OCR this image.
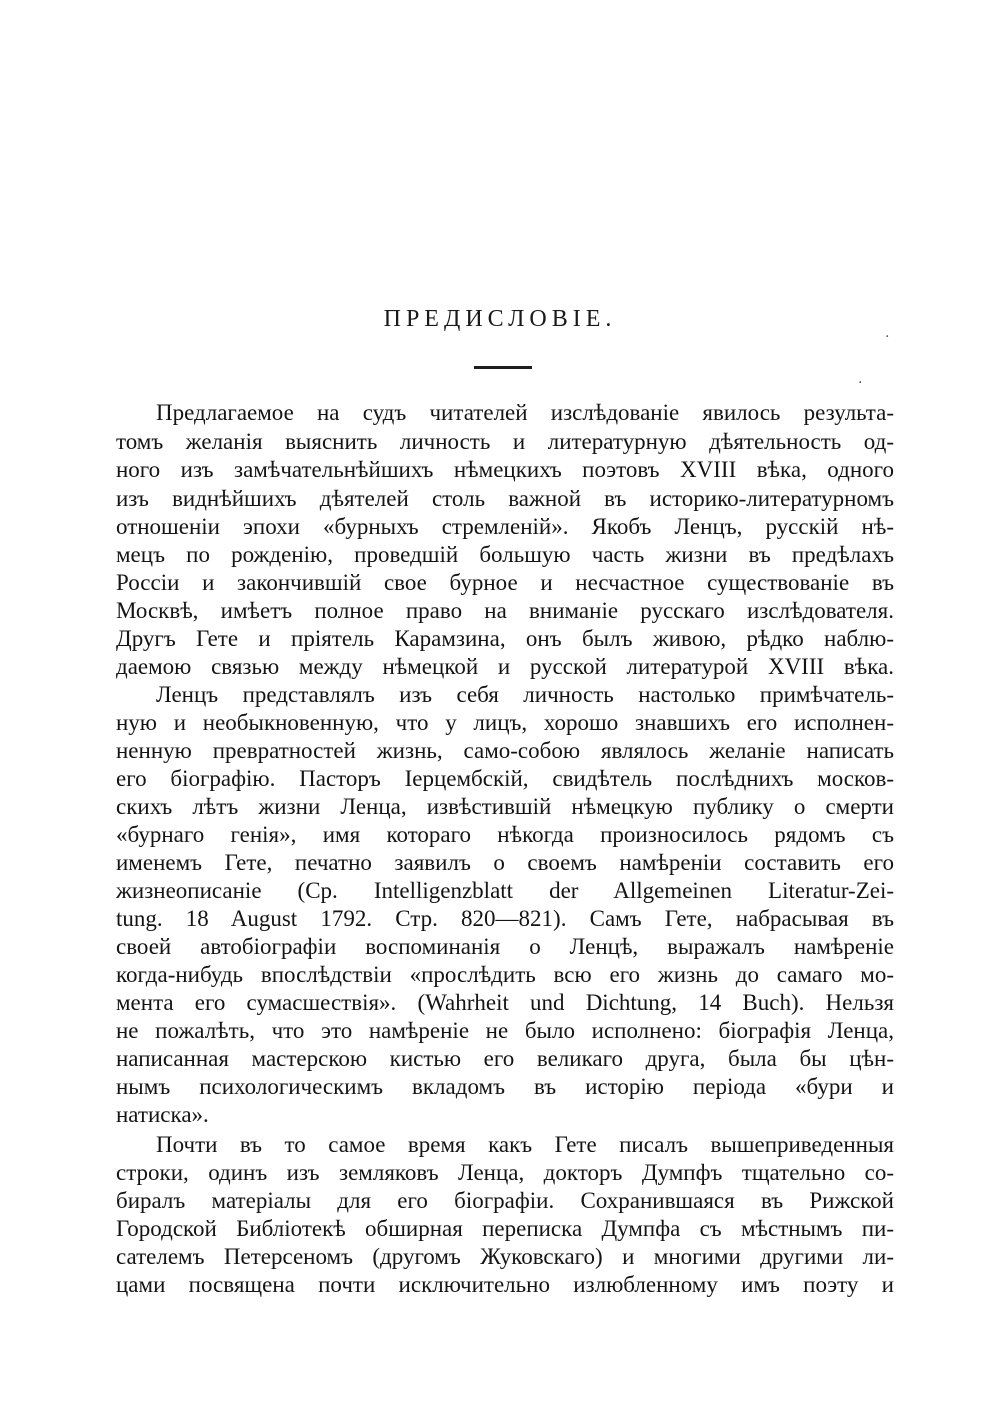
ПРЕДИСЛОВІЕ.
·
·
Предлагаемое на судъ читателей изслѣдованіе явилось результа-
томъ желанія выяснить личность и литературную дѣятельность од-
ного изъ замѣчательнѣйшихъ нѣмецкихъ поэтовъ XVIII вѣка, одного
изъ виднѣйшихъ дѣятелей столь важной въ историко-литературномъ
отношеніи эпохи «бурныхъ стремленій». Якобъ Ленцъ, русскій нѣ-
мецъ по рожденію, проведшій большую часть жизни въ предѣлахъ
Россіи и закончившій свое бурное и несчастное существованіе въ
Москвѣ, имѣетъ полное право на вниманіе русскаго изслѣдователя.
Другъ Гете и пріятель Карамзина, онъ былъ живою, рѣдко наблю-
даемою связью между нѣмецкой и русской литературой XVIII вѣка.
Ленцъ представлялъ изъ себя личность настолько примѣчатель-
ную и необыкновенную, что у лицъ, хорошо знавшихъ его исполнен-
ненную превратностей жизнь, само-собою являлось желаніе написать
его біографію. Пасторъ Іерцембскій, свидѣтель послѣднихъ москов-
скихъ лѣтъ жизни Ленца, извѣстившій нѣмецкую публику о смерти
«бурнаго генія», имя котораго нѣкогда произносилось рядомъ съ
именемъ Гете, печатно заявилъ о своемъ намѣреніи составить его
жизнеописаніе (Ср. Intelligenzblatt der Allgemeinen Literatur-Zei-
tung. 18 August 1792. Стр. 820—821). Самъ Гете, набрасывая въ
своей автобіографіи воспоминанія о Ленцѣ, выражалъ намѣреніе
когда-нибудь впослѣдствіи «прослѣдить всю его жизнь до самаго мо-
мента его сумасшествія». (Wahrheit und Dichtung, 14 Buch). Нельзя
не пожалѣть, что это намѣреніе не было исполнено: біографія Ленца,
написанная мастерскою кистью его великаго друга, была бы цѣн-
нымъ психологическимъ вкладомъ въ исторію періода «бури и
натиска».
Почти въ то самое время какъ Гете писалъ вышеприведенныя
строки, одинъ изъ земляковъ Ленца, докторъ Думпфъ тщательно со-
биралъ матеріалы для его біографіи. Сохранившаяся въ Рижской
Городской Библіотекѣ обширная переписка Думпфа съ мѣстнымъ пи-
сателемъ Петерсеномъ (другомъ Жуковскаго) и многими другими ли-
цами посвящена почти исключительно излюбленному имъ поэту и
